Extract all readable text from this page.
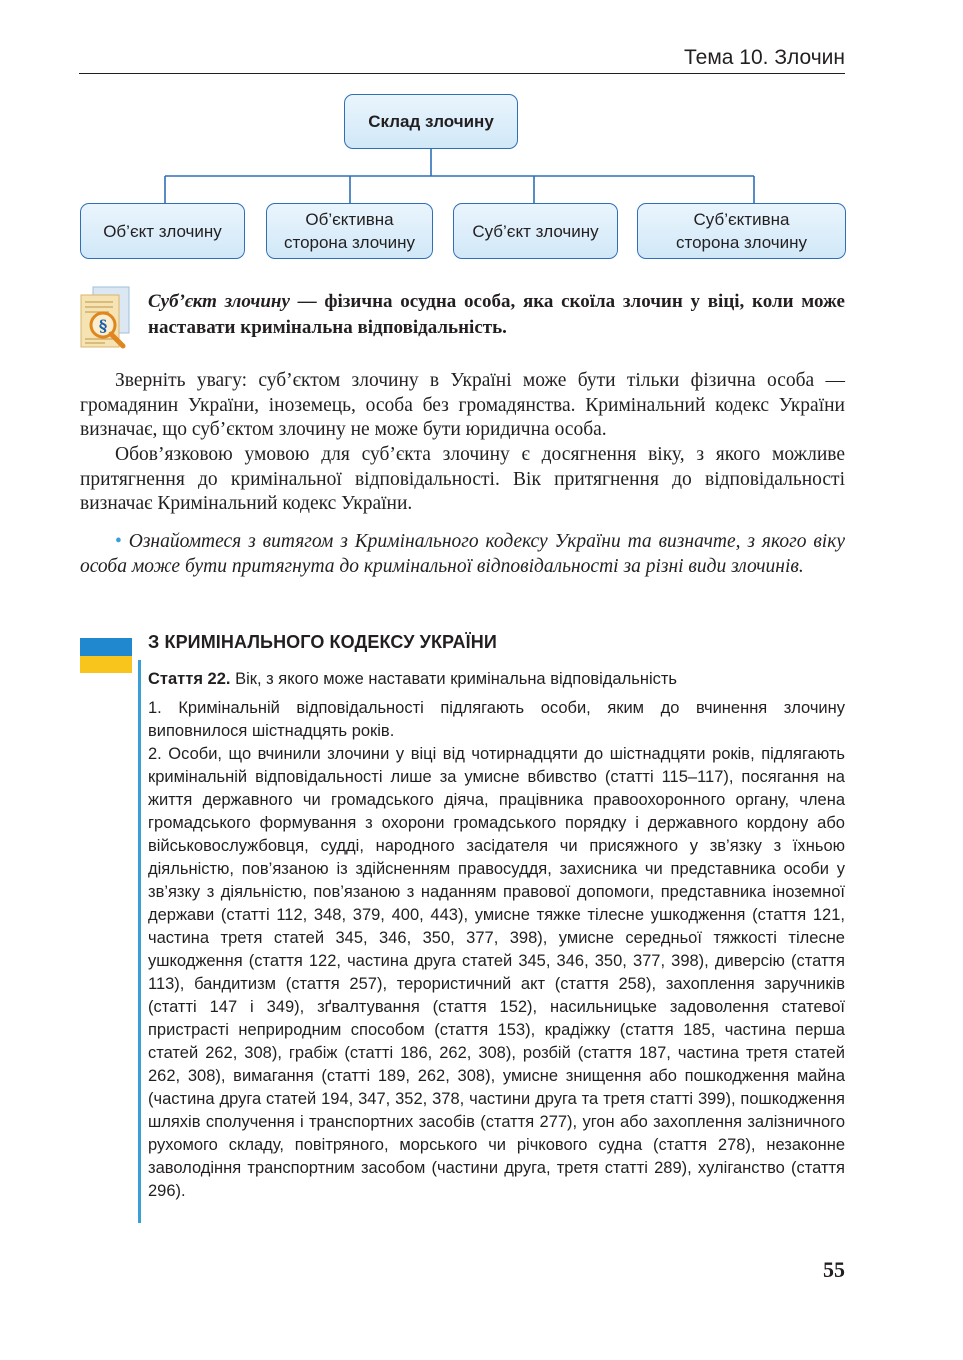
Тема 10. Злочин
Склад злочину
Об’єкт злочину
Об’єктивна
сторона злочину
Суб’єкт злочину
Суб’єктивна
сторона злочину
§
Суб’єкт злочину — фізична осудна особа, яка скоїла злочин у віці, коли може наставати кримінальна відповідальність.

Зверніть увагу: суб’єктом злочину в Україні може бути тільки фізична особа — громадянин України, іноземець, особа без громадянства. Кримінальний кодекс України визначає, що суб’єктом злочину не може бути юридична особа.

Обов’язковою умовою для суб’єкта злочину є досягнення віку, з якого можливе притягнення до кримінальної відповідальності. Вік притягнення до відповідальності визначає Кримінальний кодекс України.

• Ознайомтеся з витягом з Кримінального кодексу України та визначте, з якого віку особа може бути притягнута до кримінальної відповідальності за різні види злочинів.

З КРИМІНАЛЬНОГО КОДЕКСУ УКРАЇНИ
Стаття 22. Вік, з якого може наставати кримінальна відповідальність

1. Кримінальній відповідальності підлягають особи, яким до вчинення злочину виповнилося шістнадцять років.

2. Особи, що вчинили злочини у віці від чотирнадцяти до шістнадцяти років, підлягають кримінальній відповідальності лише за умисне вбивство (статті 115–117), посягання на життя державного чи громадського діяча, працівника правоохоронного органу, члена громадського формування з охорони громадського порядку і державного кордону або військовослужбовця, судді, народного засідателя чи присяжного у зв’язку з їхньою діяльністю, пов’язаною із здійсненням правосуддя, захисника чи представника особи у зв’язку з діяльністю, пов’язаною з наданням правової допомоги, представника іноземної держави (статті 112, 348, 379, 400, 443), умисне тяжке тілесне ушкодження (стаття 121, частина третя статей 345, 346, 350, 377, 398), умисне середньої тяжкості тілесне ушкодження (стаття 122, частина друга статей 345, 346, 350, 377, 398), диверсію (стаття 113), бандитизм (стаття 257), терористичний акт (стаття 258), захоплення заручників (статті 147 і 349), зґвалтування (стаття 152), насильницьке задоволення статевої пристрасті неприродним способом (стаття 153), крадіжку (стаття 185, частина перша статей 262, 308), грабіж (статті 186, 262, 308), розбій (стаття 187, частина третя статей 262, 308), вимагання (статті 189, 262, 308), умисне знищення або пошкодження майна (частина друга статей 194, 347, 352, 378, частини друга та третя статті 399), пошкодження шляхів сполучення і транспортних засобів (стаття 277), угон або захоплення залізничного рухомого складу, повітряного, морського чи річкового судна (стаття 278), незаконне заволодіння транспортним засобом (частини друга, третя статті 289), хуліганство (стаття 296).

55
